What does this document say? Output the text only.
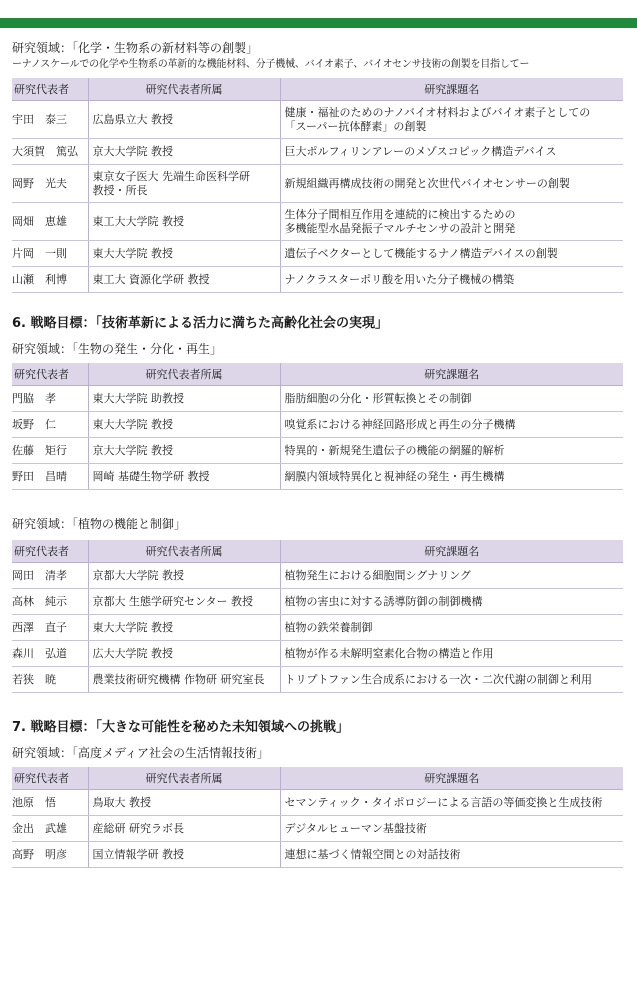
研究領域：「化学・生物系の新材料等の創製」

ーナノスケールでの化学や生物系の革新的な機能材料、分子機械、バイオ素子、バイオセンサ技術の創製を目指してー

研究代表者	研究代表者所属	研究課題名
宇田　泰三	広島県立大 教授	健康・福祉のためのナノバイオ材料およびバイオ素子としての
「スーパー抗体酵素」の創製

大須賀　篤弘	京大大学院 教授	巨大ポルフィリンアレーのメゾスコピック構造デバイス

岡野　光夫	東京女子医大 先端生命医科学研
教授・所長	新規組織再構成技術の開発と次世代バイオセンサーの創製

岡畑　恵雄	東工大大学院 教授	生体分子間相互作用を連続的に検出するための
多機能型水晶発振子マルチセンサの設計と開発

片岡　一則	東大大学院 教授	遺伝子ベクターとして機能するナノ構造デバイスの創製

山瀬　利博	東工大 資源化学研 教授	ナノクラスターポリ酸を用いた分子機械の構築

6. 戦略目標：「技術革新による活力に満ちた高齢化社会の実現」

研究領域：「生物の発生・分化・再生」

研究代表者	研究代表者所属	研究課題名
門脇　孝	東大大学院 助教授	脂肪細胞の分化・形質転換とその制御

坂野　仁	東大大学院 教授	嗅覚系における神経回路形成と再生の分子機構

佐藤　矩行	京大大学院 教授	特異的・新規発生遺伝子の機能の網羅的解析

野田　昌晴	岡崎 基礎生物学研 教授	網膜内領域特異化と視神経の発生・再生機構

研究領域：「植物の機能と制御」

研究代表者	研究代表者所属	研究課題名
岡田　清孝	京都大大学院 教授	植物発生における細胞間シグナリング

高林　純示	京都大 生態学研究センター 教授	植物の害虫に対する誘導防御の制御機構

西澤　直子	東大大学院 教授	植物の鉄栄養制御

森川　弘道	広大大学院 教授	植物が作る未解明窒素化合物の構造と作用

若狭　暁	農業技術研究機構 作物研 研究室長	トリプトファン生合成系における一次・二次代謝の制御と利用

7. 戦略目標：「大きな可能性を秘めた未知領域への挑戦」

研究領域：「高度メディア社会の生活情報技術」

研究代表者	研究代表者所属	研究課題名
池原　悟	鳥取大 教授	セマンティック・タイポロジーによる言語の等価変換と生成技術

金出　武雄	産総研 研究ラボ長	デジタルヒューマン基盤技術

高野　明彦	国立情報学研 教授	連想に基づく情報空間との対話技術
